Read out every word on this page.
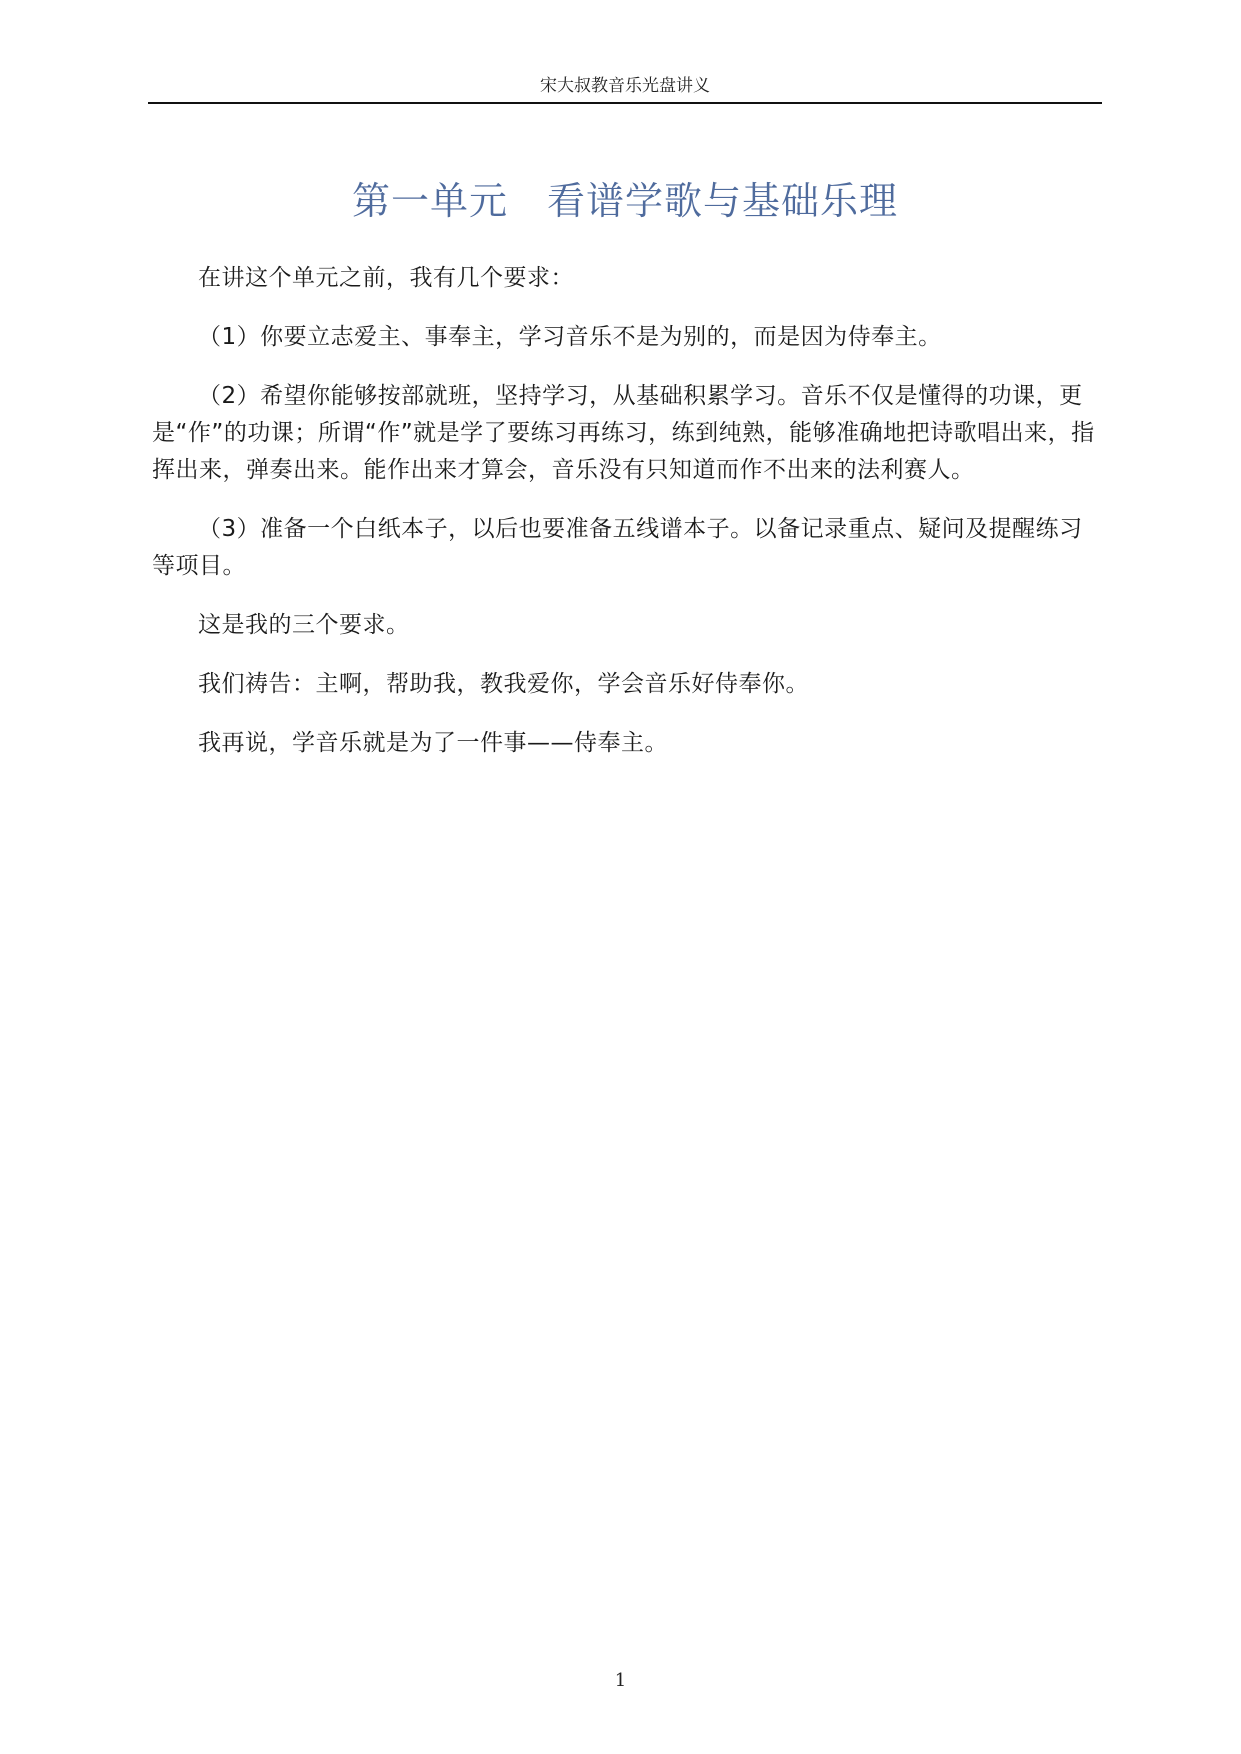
宋大叔教音乐光盘讲义
第一单元　看谱学歌与基础乐理

在讲这个单元之前，我有几个要求：

（1）你要立志爱主、事奉主，学习音乐不是为别的，而是因为侍奉主。

（2）希望你能够按部就班，坚持学习，从基础积累学习。音乐不仅是懂得的功课，更是“作”的功课；所谓“作”就是学了要练习再练习，练到纯熟，能够准确地把诗歌唱出来，指挥出来，弹奏出来。能作出来才算会，音乐没有只知道而作不出来的法利赛人。

（3）准备一个白纸本子，以后也要准备五线谱本子。以备记录重点、疑问及提醒练习等项目。

这是我的三个要求。

我们祷告：主啊，帮助我，教我爱你，学会音乐好侍奉你。

我再说，学音乐就是为了一件事——侍奉主。

1
